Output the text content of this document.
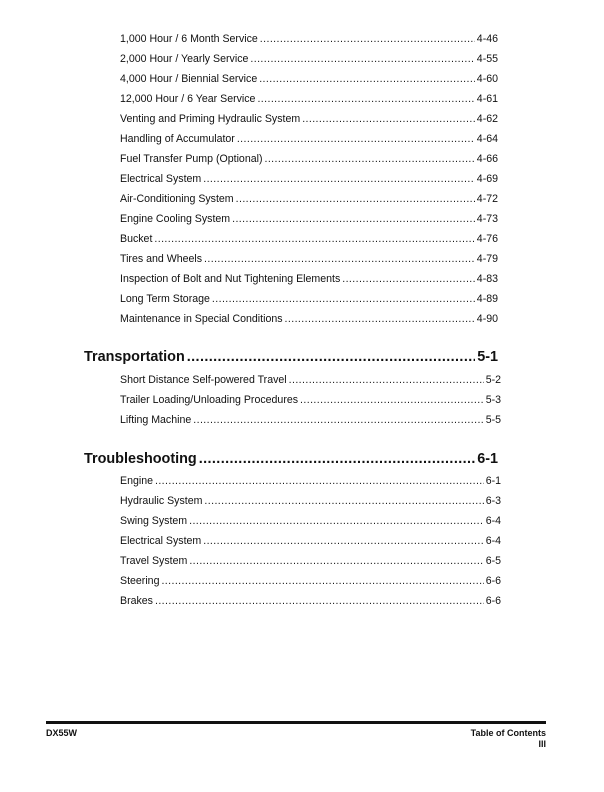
1,000 Hour / 6 Month Service .....	4-46
2,000 Hour / Yearly Service .....	4-55
4,000 Hour / Biennial Service .....	4-60
12,000 Hour / 6 Year Service .....	4-61
Venting and Priming Hydraulic System .....	4-62
Handling of Accumulator .....	4-64
Fuel Transfer Pump (Optional) .....	4-66
Electrical System .....	4-69
Air-Conditioning System .....	4-72
Engine Cooling System .....	4-73
Bucket .....	4-76
Tires and Wheels .....	4-79
Inspection of Bolt and Nut Tightening Elements .....	4-83
Long Term Storage .....	4-89
Maintenance in Special Conditions .....	4-90
Transportation .....	5-1
Short Distance Self-powered Travel .....	5-2
Trailer Loading/Unloading Procedures .....	5-3
Lifting Machine .....	5-5
Troubleshooting .....	6-1
Engine .....	6-1
Hydraulic System .....	6-3
Swing System .....	6-4
Electrical System .....	6-4
Travel System .....	6-5
Steering .....	6-6
Brakes .....	6-6
DX55W	Table of Contents
III
